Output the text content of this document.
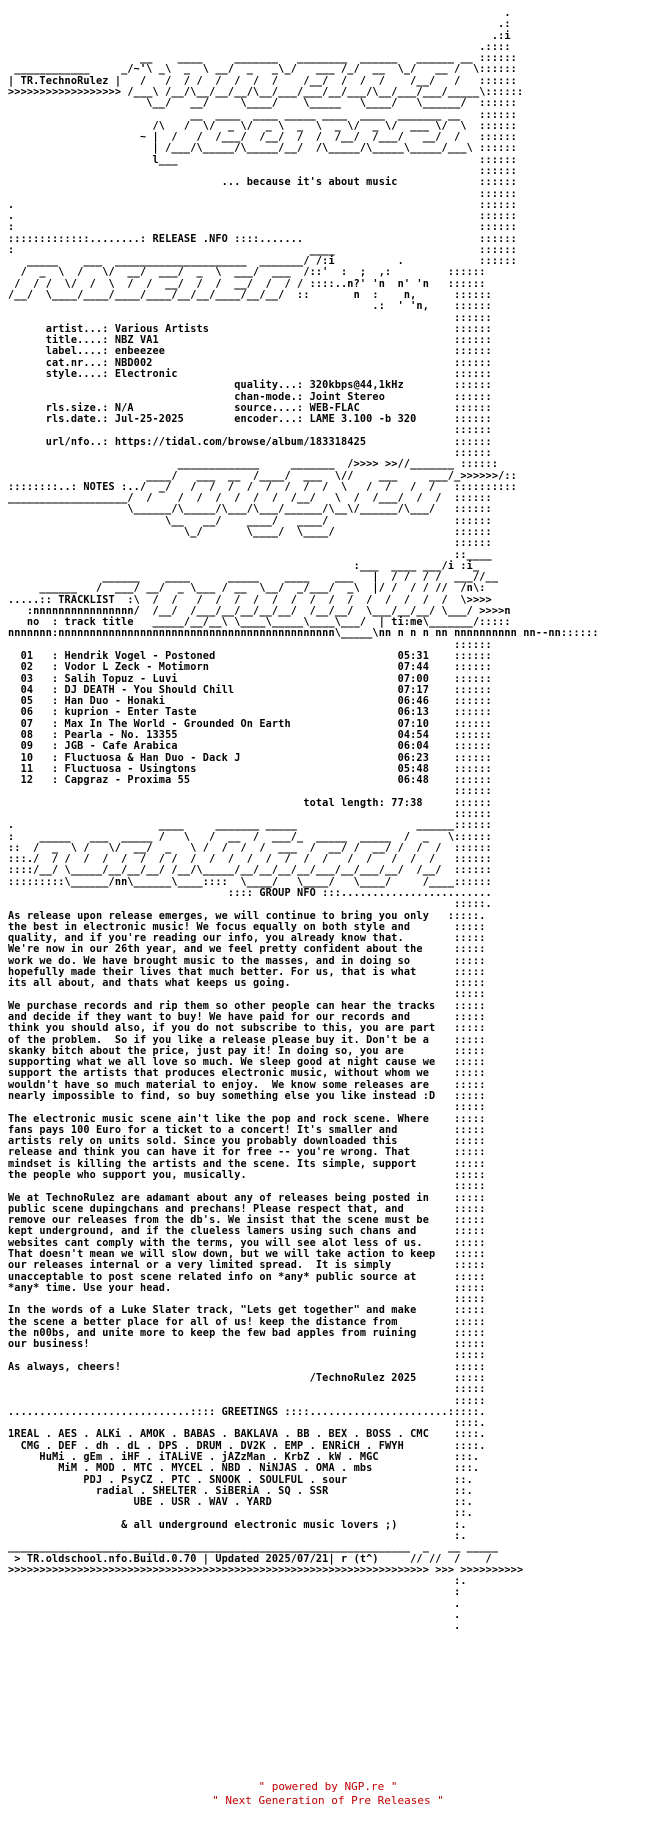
.
.:
.:i
.::::
__    ____     _______   ________  ______   ______ __ ::::::
____________     _/~'\ _\  _  \ __/  _   _\_/   ___ /_/  __  \_/   __ /  \::::::
| TR.TechnoRulez |   /   /  / /  /  /  /  /    /__/  /  /  /    /__/   /   ::::::
>>>>>>>>>>>>>>>>>> /___\ /__/\__/__/__/\__/___/___/__/___/\__/___/___/_____\::::::
\__/   __/     \____/    \_____   \____/   \______/  ::::::
__  ____  ____ _____ ____  ____  _______ __   ::::::
/\   /  \/  _ \/  _ \  _  \  _ \/  _ \/  ___ \/  \  ::::::
~ |  /   /  /___/  /__/  /  /  /__/  /___/   __/  /   ::::::
| /___/\_____/\_____/__/  /\_____/\_____\_____/___\ ::::::
l___                                                ::::::
::::::
... because it's about music             ::::::
::::::
.                                                                          ::::::
.                                                                          ::::::
:                                                                          ::::::
:::::::::::::........: RELEASE .NFO ::::.......                            ::::::
:                                               ____                       ::::::
_____    ___  _____________________  _______/ /:i          .            ::::::
/  _  \  /   \/  __/  ___/  _  \  ___/  ___  /::'  :  ;  ,:         ::::::
/  / /  \/  /  \  /  /  __/  /  /  __/  /  / / ::::..n?' 'n  n' 'n   ::::::
/__/  \____/____/____/____/__/__/____/__/__/  ::       n  :    n,      ::::::
.:  ' 'n,    ::::::
::::::
artist...: Various Artists                                       ::::::
title....: NBZ VA1                                               ::::::
label....: enbeezee                                              ::::::
cat.nr...: NBD002                                                ::::::
style....: Electronic                                            ::::::
quality...: 320kbps@44,1kHz        ::::::
chan-mode.: Joint Stereo           ::::::
rls.size.: N/A                source....: WEB-FLAC               ::::::
rls.date.: Jul-25-2025        encoder...: LAME 3.100 -b 320      ::::::
::::::
url/nfo..: https://tidal.com/browse/album/183318425              ::::::
::::::
_____________     _______  />>>> >>//_______ ::::::
____/   ___  __  /____/  ___  \//    ___     ___/_>>>>>>/::
::::::::..: NOTES :../  _/   /  /  /  /  /  /  /  /  \   /  /   /  /   ::::::::::
___________________/  /    /  /  /  /  /  /  /__/   \  /  /___/  /  /  ::::::
\______/\_____/\___/\___/______/\__\/______/\___/   ::::::
\__   __/    ____/   ____/                    ::::::
\_/       \____/  \____/                   ::::::
::::::
::____
:___  ____ ___/i :i_
______    ____      _____    ____    ___   |  / /  / /  ___//__
______   /  ___/ __/  _ \___ / __  \__/  _/___/  _\  |/ /  / / //  /n\:
.....:: TRACKLIST  :\  /  /   /  /  /  /  /  /  /  /  /  /  /  /  /  /  \>>>>
:nnnnnnnnnnnnnnnn/  /__/  /___/__/__/__/__/  /__/__/  \___/__/__/ \___/ >>>>n
no  : track title   _____/__/__\ \____\_____\____\___/  | ti:me\_______/:::::
nnnnnnn:nnnnnnnnnnnnnnnnnnnnnnnnnnnnnnnnnnnnnnnnnnnn\_____\nn n n n nn nnnnnnnnnn nn--nn::::::
::::::
01   : Hendrik Vogel - Postoned                             05:31    ::::::
02   : Vodor L Zeck - Motimorn                              07:44    ::::::
03   : Salih Topuz - Luvi                                   07:00    ::::::
04   : DJ DEATH - You Should Chill                          07:17    ::::::
05   : Han Duo - Honaki                                     06:46    ::::::
06   : kuprion - Enter Taste                                06:13    ::::::
07   : Max In The World - Grounded On Earth                 07:10    ::::::
08   : Pearla - No. 13355                                   04:54    ::::::
09   : JGB - Cafe Arabica                                   06:04    ::::::
10   : Fluctuosa & Han Duo - Dack J                         06:23    ::::::
11   : Fluctuosa - Usingtons                                05:48    ::::::
12   : Capgraz - Proxima 55                                 06:48    ::::::
::::::
total length: 77:38     ::::::
::::::
.                       ____     _______ _____                   ______::::::
:    _____   ___  _____ /   \   /  __  /  ___/_  _____  _____  /  _   \::::::
::  /  _  \ /   \/  __/  _   \ /  /  /  /  ___  /  __/ /  __/ /  /  /  ::::::
:::./  / /  /  /  /  /  / /  /  /  /  /  /  /  /  /   /  /   /  /  /   ::::::
::::/__/ \_____/__/__/__/ /__/\_____/__/__/__/__/___/__/___/__/  /__/  ::::::
:::::::::\______/nn\______\____::::  \____/   \____/   \____/     /____::::::
:::: GROUP NFO :::........................
:::::.
As release upon release emerges, we will continue to bring you only   :::::.
the best in electronic music! We focus equally on both style and       :::::
quality, and if you're reading our info, you already know that.        :::::
We're now in our 26th year, and we feel pretty confident about the     :::::
work we do. We have brought music to the masses, and in doing so       :::::
hopefully made their lives that much better. For us, that is what      :::::
its all about, and thats what keeps us going.                          :::::
:::::
We purchase records and rip them so other people can hear the tracks   :::::
and decide if they want to buy! We have paid for our records and       :::::
think you should also, if you do not subscribe to this, you are part   :::::
of the problem.  So if you like a release please buy it. Don't be a    :::::
skanky bitch about the price, just pay it! In doing so, you are        :::::
supporting what we all love so much. We sleep good at night cause we   :::::
support the artists that produces electronic music, without whom we    :::::
wouldn't have so much material to enjoy.  We know some releases are    :::::
nearly impossible to find, so buy something else you like instead :D   :::::
:::::
The electronic music scene ain't like the pop and rock scene. Where    :::::
fans pays 100 Euro for a ticket to a concert! It's smaller and         :::::
artists rely on units sold. Since you probably downloaded this         :::::
release and think you can have it for free -- you're wrong. That       :::::
mindset is killing the artists and the scene. Its simple, support      :::::
the people who support you, musically.                                 :::::
:::::
We at TechnoRulez are adamant about any of releases being posted in    :::::
public scene dupingchans and prechans! Please respect that, and        :::::
remove our releases from the db's. We insist that the scene must be    :::::
kept underground, and if the clueless lamers using such chans and      :::::
websites cant comply with the terms, you will see alot less of us.     :::::
That doesn't mean we will slow down, but we will take action to keep   :::::
our releases internal or a very limited spread.  It is simply          :::::
unacceptable to post scene related info on *any* public source at      :::::
*any* time. Use your head.                                             :::::
:::::
In the words of a Luke Slater track, "Lets get together" and make      :::::
the scene a better place for all of us! keep the distance from         :::::
the n00bs, and unite more to keep the few bad apples from ruining      :::::
our business!                                                          :::::
:::::
As always, cheers!                                                     :::::
/TechnoRulez 2025      :::::
:::::
:::::
.............................:::: GREETINGS ::::......................:::::.
::::.
1REAL . AES . ALKi . AMOK . BABAS . BAKLAVA . BB . BEX . BOSS . CMC    ::::.
CMG . DEF . dh . dL . DPS . DRUM . DV2K . EMP . ENRiCH . FWYH        ::::.
HuMi . gEm . iHF . iTALiVE . jAZzMan . KrbZ . kW . MGC            :::.
MiM . MOD . MTC . MYCEL . NBD . NiNJAS . OMA . mbs             :::.
PDJ . PsyCZ . PTC . SNOOK . SOULFUL . sour                 ::.
radial . SHELTER . SiBERiA . SQ . SSR                    ::.
UBE . USR . WAV . YARD                             ::.
::.
& all underground electronic music lovers ;)         :.
:.
________________________________________________________________  _   __ _____
> TR.oldschool.nfo.Build.0.70 | Updated 2025/07/21| r (t^)     // //  /    /
>>>>>>>>>>>>>>>>>>>>>>>>>>>>>>>>>>>>>>>>>>>>>>>>>>>>>>>>>>>>>>>>>>> >>> >>>>>>>>>>
:.
:
.
.
.
" powered by NGP.re "
" Next Generation of Pre Releases "
